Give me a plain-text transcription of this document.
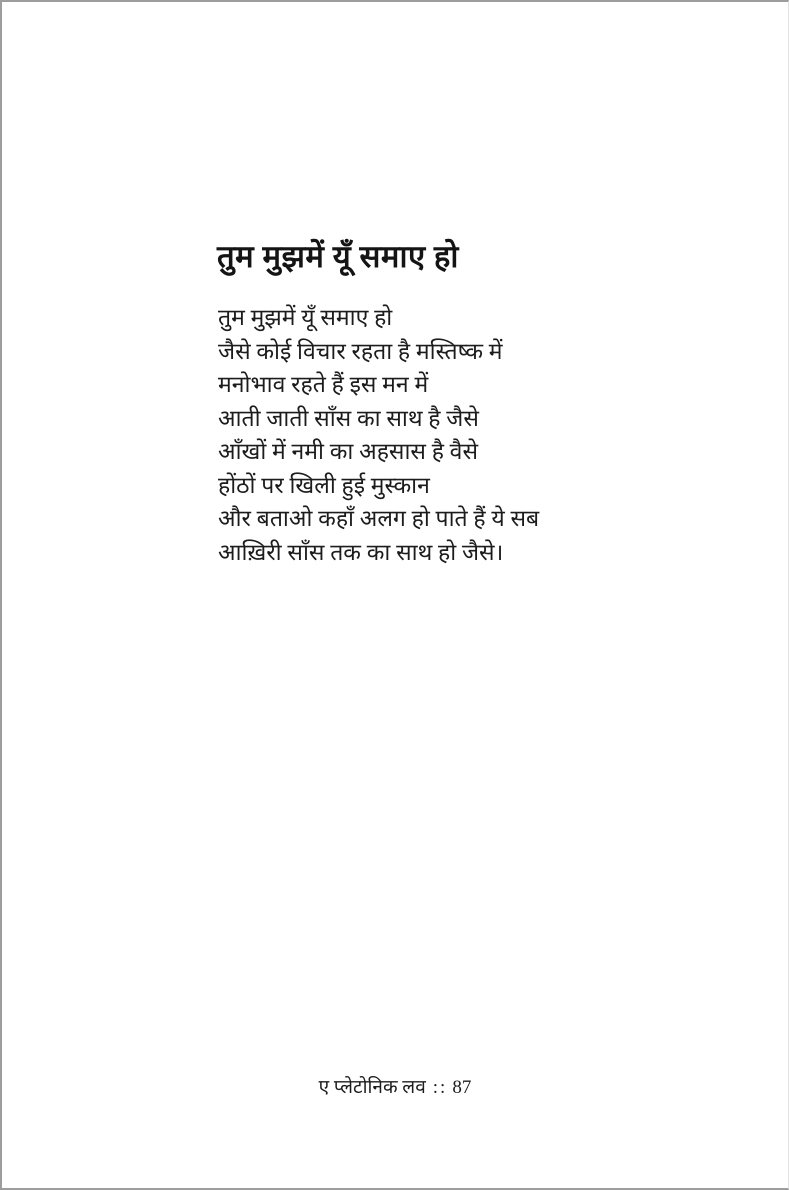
तुम मुझमें यूँ समाए हो
तुम मुझमें यूँ समाए हो
जैसे कोई विचार रहता है मस्तिष्क में
मनोभाव रहते हैं इस मन में
आती जाती साँस का साथ है जैसे
आँखों में नमी का अहसास है वैसे
होंठों पर खिली हुई मुस्कान
और बताओ कहाँ अलग हो पाते हैं ये सब
आख़िरी साँस तक का साथ हो जैसे।
ए प्लेटोनिक लव :: 87
